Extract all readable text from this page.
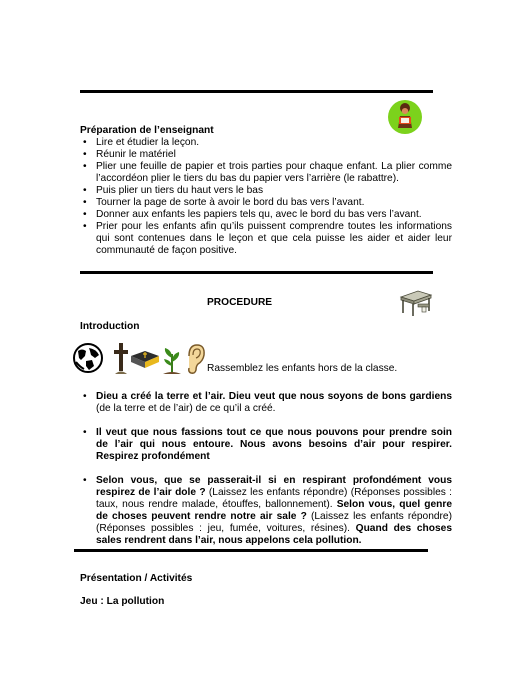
Préparation de l’enseignant
• Lire et étudier la leçon.
• Réunir le matériel
• Plier une feuille de papier et trois parties pour chaque enfant. La plier comme l’accordéon plier le tiers du bas du papier vers l’arrière (le rabattre).
• Puis plier un tiers du haut vers le bas
• Tourner la page de sorte à avoir le bord du bas vers l’avant.
• Donner aux enfants les papiers tels qu, avec le bord du bas vers l’avant.
• Prier pour les enfants afin qu’ils puissent comprendre toutes les informations qui sont contenues dans le leçon et que cela puisse les aider et aider leur communauté de façon positive.
PROCEDURE
Introduction
Rassemblez les enfants hors de la classe.
• Dieu a créé la terre et l’air. Dieu veut que nous soyons de bons gardiens (de la terre et de l’air) de ce qu’il a créé.
• Il veut que nous fassions tout ce que nous pouvons pour prendre soin de l’air qui nous entoure. Nous avons besoins d’air pour respirer. Respirez profondément
• Selon vous, que se passerait-il si en respirant profondément vous respirez de l’air dole ? (Laissez les enfants répondre) (Réponses possibles : taux, nous rendre malade, étouffes, ballonnement). Selon vous, quel genre de choses peuvent rendre notre air sale ? (Laissez les enfants répondre) (Réponses possibles : jeu, fumée, voitures, résines). Quand des choses sales rendrent dans l’air, nous appelons cela pollution.
Présentation / Activités
Jeu : La pollution
